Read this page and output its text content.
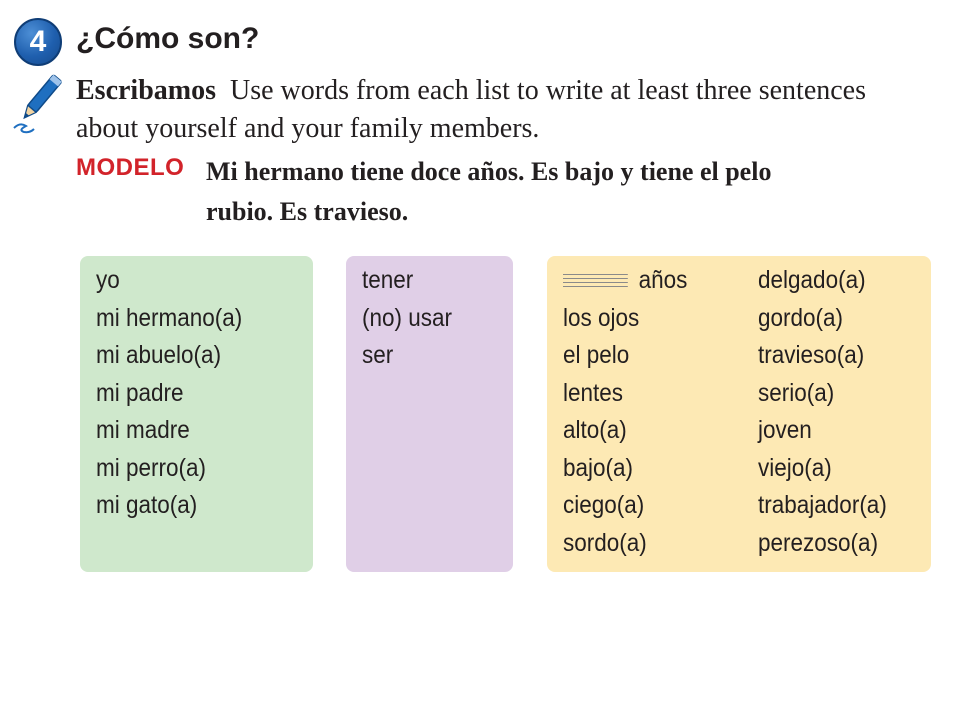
4 ¿Cómo son?
Escribamos Use words from each list to write at least three sentences about yourself and your family members.
MODELO Mi hermano tiene doce años. Es bajo y tiene el pelo rubio. Es travieso.
yo
mi hermano(a)
mi abuelo(a)
mi padre
mi madre
mi perro(a)
mi gato(a)
tener
(no) usar
ser
años
los ojos
el pelo
lentes
alto(a)
bajo(a)
ciego(a)
sordo(a)
delgado(a)
gordo(a)
travieso(a)
serio(a)
joven
viejo(a)
trabajador(a)
perezoso(a)
